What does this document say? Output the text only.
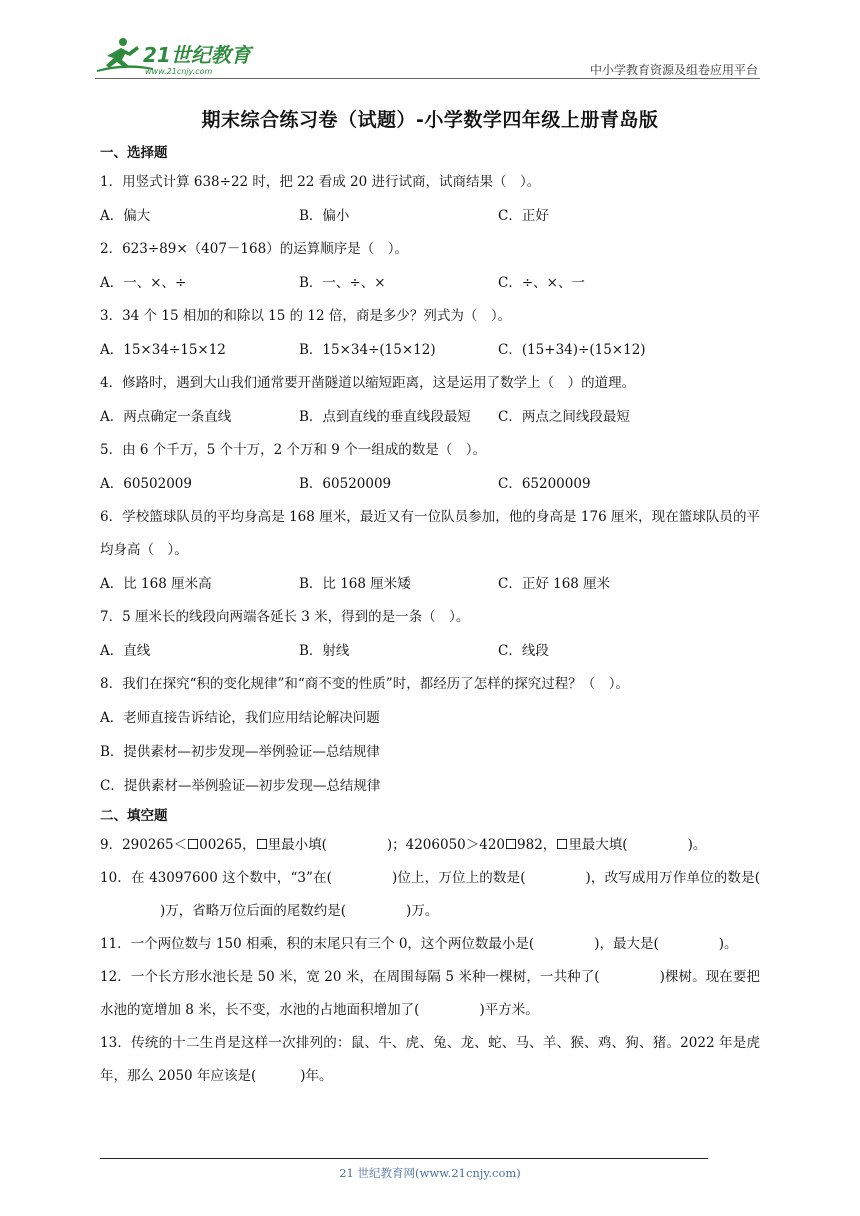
21世纪教育
www.21cnjy.com	中小学教育资源及组卷应用平台
期末综合练习卷（试题）-小学数学四年级上册青岛版
一、选择题
1．用竖式计算 638÷22 时，把 22 看成 20 进行试商，试商结果（　）。
A．偏大	B．偏小	C．正好
2．623÷89×（407－168）的运算顺序是（　）。
A．一、×、÷	B．一、÷、×	C．÷、×、一
3．34 个 15 相加的和除以 15 的 12 倍，商是多少？列式为（　）。
A．15×34÷15×12	B．15×34÷(15×12)	C．(15+34)÷(15×12)
4．修路时，遇到大山我们通常要开凿隧道以缩短距离，这是运用了数学上（　）的道理。
A．两点确定一条直线	B．点到直线的垂直线段最短	C．两点之间线段最短
5．由 6 个千万，5 个十万，2 个万和 9 个一组成的数是（　）。
A．60502009	B．60520009	C．65200009
6．学校篮球队员的平均身高是 168 厘米，最近又有一位队员参加，他的身高是 176 厘米，现在篮球队员的平均身高（　）。
A．比 168 厘米高	B．比 168 厘米矮	C．正好 168 厘米
7．5 厘米长的线段向两端各延长 3 米，得到的是一条（　）。
A．直线	B．射线	C．线段
8．我们在探究“积的变化规律”和“商不变的性质”时，都经历了怎样的探究过程？（　）。
A．老师直接告诉结论，我们应用结论解决问题
B．提供素材—初步发现—举例验证—总结规律
C．提供素材—举例验证—初步发现—总结规律
二、填空题
9．290265＜ 00265， 里最小填(	)；4206050＞420 982， 里最大填(	)。
10．在 43097600 这个数中，“3”在(	)位上，万位上的数是(	)，改写成用万作单位的数是()万，省略万位后面的尾数约是(	)万。
11．一个两位数与 150 相乘，积的末尾只有三个 0，这个两位数最小是(	)，最大是(	)。
12．一个长方形水池长是 50 米，宽 20 米，在周围每隔 5 米种一棵树，一共种了(	)棵树。现在要把水池的宽增加 8 米，长不变，水池的占地面积增加了(	)平方米。
13．传统的十二生肖是这样一次排列的：鼠、牛、虎、兔、龙、蛇、马、羊、猴、鸡、狗、猪。2022 年是虎年，那么 2050 年应该是(	)年。
21 世纪教育网(www.21cnjy.com)
